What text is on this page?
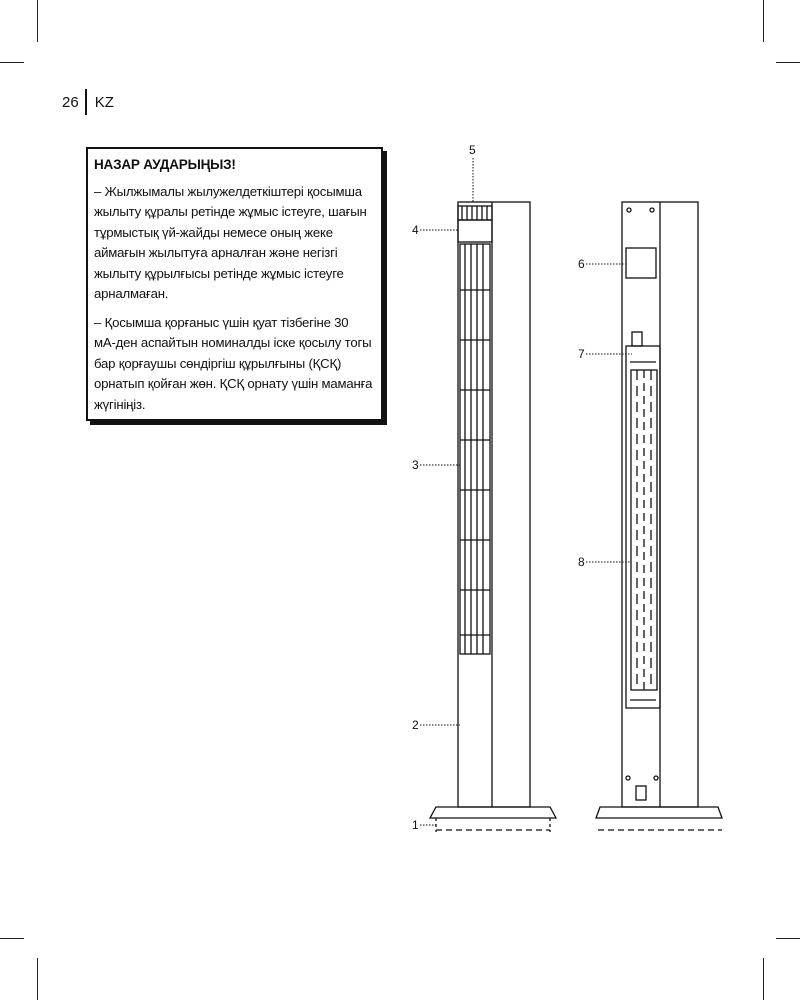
26	KZ
НАЗАР АУДАРЫҢЫЗ!

– Жылжымалы жылужелдеткіштері қосымша жылыту құралы ретінде жұмыс істеуге, шағын тұрмыстық үй-жайды немесе оның жеке аймағын жылытуға арналған және негізгі жылыту құрылғысы ретінде жұмыс істеуге арналмаған.

– Қосымша қорғаныс үшін қуат тізбегіне 30 мА-ден аспайтын номиналды іске қосылу тогы бар қорғаушы сөндіргіш құрылғыны (ҚСҚ) орнатып қойған жөн. ҚСҚ орнату үшін маманға жүгініңіз.

1
2
3
4
5
6
7
8
